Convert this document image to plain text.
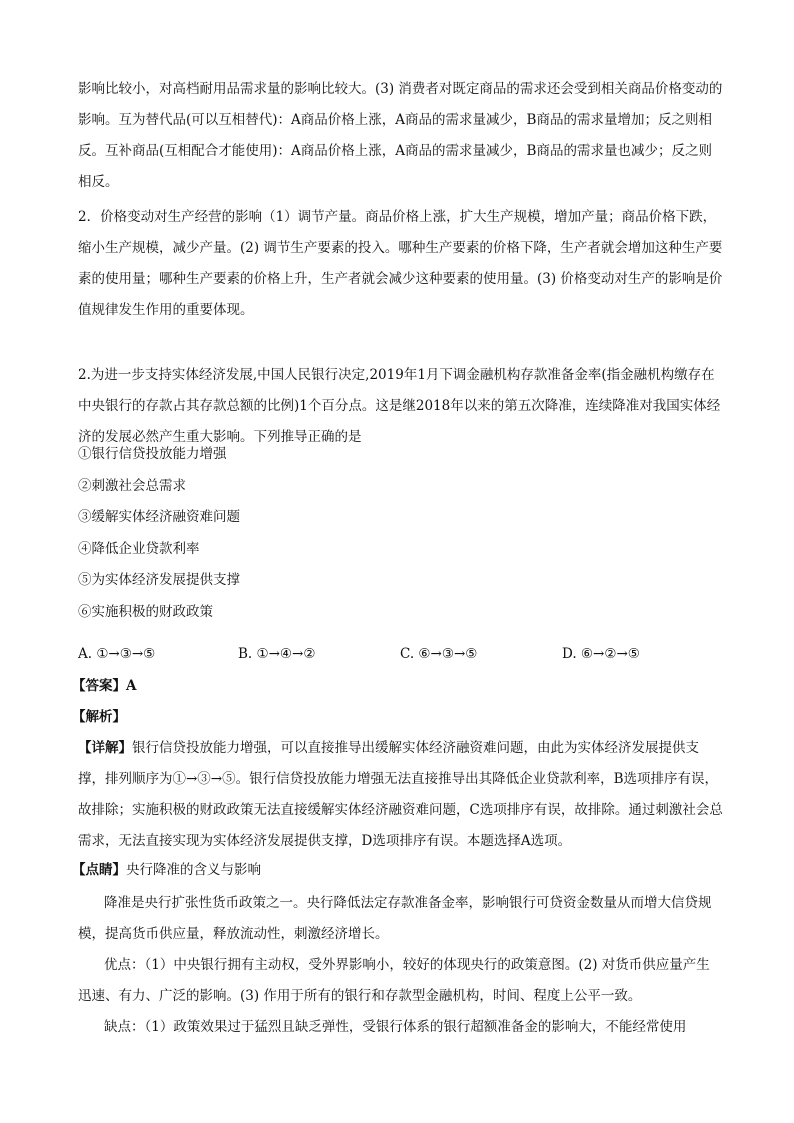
影响比较小，对高档耐用品需求量的影响比较大。(3) 消费者对既定商品的需求还会受到相关商品价格变动的影响。互为替代品(可以互相替代)：A商品价格上涨，A商品的需求量减少，B商品的需求量增加；反之则相反。互补商品(互相配合才能使用)：A商品价格上涨，A商品的需求量减少，B商品的需求量也减少；反之则相反。
2．价格变动对生产经营的影响（1）调节产量。商品价格上涨，扩大生产规模，增加产量；商品价格下跌，缩小生产规模，减少产量。(2) 调节生产要素的投入。哪种生产要素的价格下降，生产者就会增加这种生产要素的使用量；哪种生产要素的价格上升，生产者就会减少这种要素的使用量。(3) 价格变动对生产的影响是价值规律发生作用的重要体现。
2.为进一步支持实体经济发展,中国人民银行决定,2019年1月下调金融机构存款准备金率(指金融机构缴存在中央银行的存款占其存款总额的比例)1个百分点。这是继2018年以来的第五次降准，连续降准对我国实体经济的发展必然产生重大影响。下列推导正确的是
①银行信贷投放能力增强
②刺激社会总需求
③缓解实体经济融资难问题
④降低企业贷款利率
⑤为实体经济发展提供支撑
⑥实施积极的财政政策
A. ①→③→⑤	B. ①→④→②	C. ⑥→③→⑤	D. ⑥→②→⑤
【答案】A
【解析】
【详解】银行信贷投放能力增强，可以直接推导出缓解实体经济融资难问题，由此为实体经济发展提供支撑，排列顺序为①→③→⑤。银行信贷投放能力增强无法直接推导出其降低企业贷款利率，B选项排序有误，故排除；实施积极的财政政策无法直接缓解实体经济融资难问题，C选项排序有误，故排除。通过刺激社会总需求，无法直接实现为实体经济发展提供支撑，D选项排序有误。本题选择A选项。
【点睛】央行降准的含义与影响
降准是央行扩张性货币政策之一。央行降低法定存款准备金率，影响银行可贷资金数量从而增大信贷规模，提高货币供应量，释放流动性，刺激经济增长。
优点：（1）中央银行拥有主动权，受外界影响小，较好的体现央行的政策意图。(2) 对货币供应量产生迅速、有力、广泛的影响。(3) 作用于所有的银行和存款型金融机构，时间、程度上公平一致。
缺点：（1）政策效果过于猛烈且缺乏弹性，受银行体系的银行超额准备金的影响大，不能经常使用
